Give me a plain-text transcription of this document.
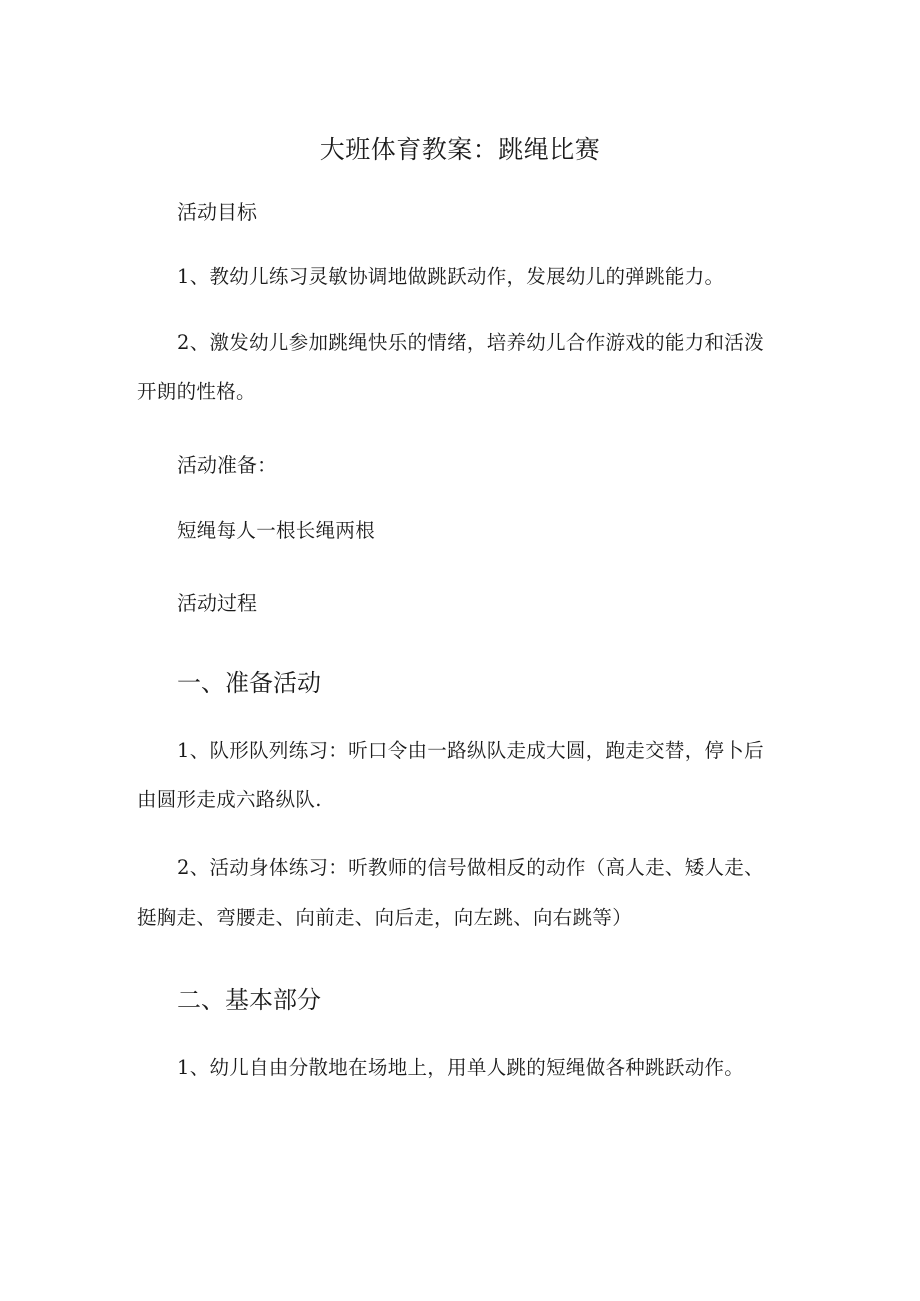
大班体育教案：跳绳比赛
活动目标
1、教幼儿练习灵敏协调地做跳跃动作，发展幼儿的弹跳能力。
2、激发幼儿参加跳绳快乐的情绪，培养幼儿合作游戏的能力和活泼
开朗的性格。
活动准备：
短绳每人一根长绳两根
活动过程
一、准备活动
1、队形队列练习：听口令由一路纵队走成大圆，跑走交替，停卜后
由圆形走成六路纵队.
2、活动身体练习：听教师的信号做相反的动作（高人走、矮人走、
挺胸走、弯腰走、向前走、向后走，向左跳、向右跳等）
二、基本部分
1、幼儿自由分散地在场地上，用单人跳的短绳做各种跳跃动作。
